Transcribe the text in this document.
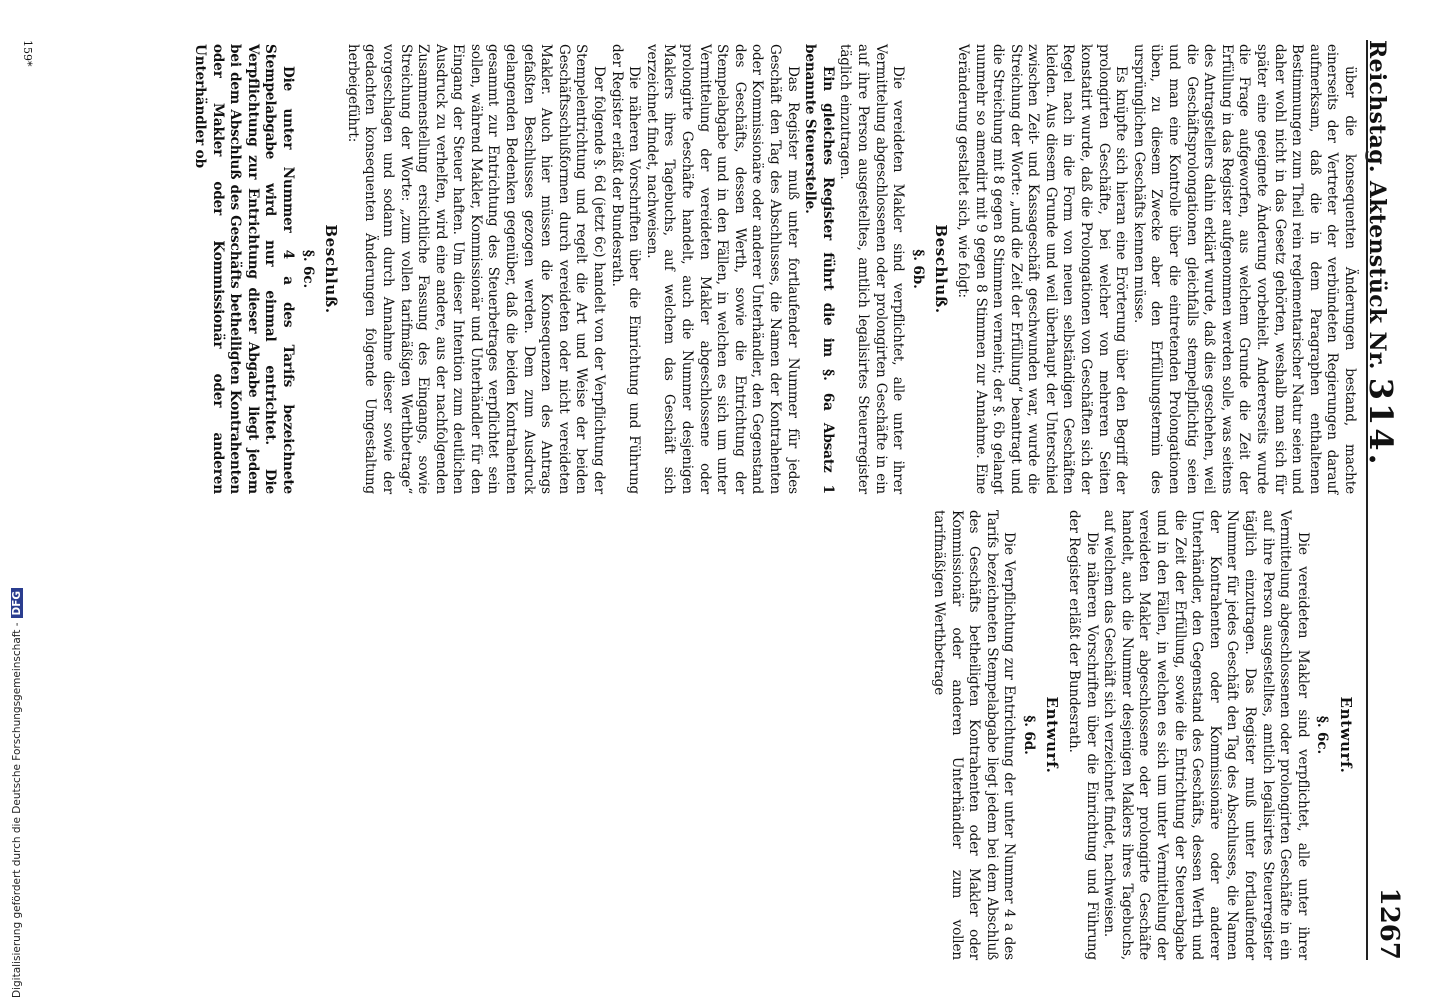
Reichstag. Aktenstück Nr.314.
1267

über die konsequenten Änderungen bestand, machte einerseits der Vertreter der verbündeten Regierungen darauf aufmerksam, daß die in dem Paragraphen enthaltenen Bestimmungen zum Theil rein reglementarischer Natur seien und daher wohl nicht in das Gesetz gehörten, weshalb man sich für später eine geeignete Änderung vorbehielt. Andererseits wurde die Frage aufgeworfen, aus welchem Grunde die Zeit der Erfüllung in das Register aufgenommen werden solle, was seitens des Antragstellers dahin erklärt wurde, daß dies geschehen, weil die Geschäftsprolongationen gleichfalls stempelpflichtig seien und man eine Kontrolle über die eintretenden Prolongationen üben, zu diesem Zwecke aber den Erfüllungstermin des ursprünglichen Geschäfts kennen müsse.

Es knüpfte sich hieran eine Erörterung über den Begriff der prolongirten Geschäfte, bei welcher von mehreren Seiten konstatirt wurde, daß die Prolongationen von Geschäften sich der Regel nach in die Form von neuen selbständigen Geschäften kleiden. Aus diesem Grunde und weil überhaupt der Unterschied zwischen Zeit- und Kassageschäft geschwunden war, wurde die Streichung der Worte: „und die Zeit der Erfüllung“ beantragt und die Streichung mit 8 gegen 8 Stimmen verneint; der §. 6b gelangt nunmehr so amendirt mit 9 gegen 8 Stimmen zur Annahme. Eine Veränderung gestaltet sich, wie folgt:

Beschluß.
§. 6b.

Die vereideten Makler sind verpflichtet, alle unter ihrer Vermittelung abgeschlossenen oder prolongirten Geschäfte in ein auf ihre Person ausgestelltes, amtlich legalisirtes Steuerregister täglich einzutragen.

Ein gleiches Register führt die im §. 6a Absatz 1 benannte Steuerstelle.

Das Register muß unter fortlaufender Nummer für jedes Geschäft den Tag des Abschlusses, die Namen der Kontrahenten oder Kommissionäre oder anderer Unterhändler, den Gegenstand des Geschäfts, dessen Werth, sowie die Entrichtung der Stempelabgabe und in den Fällen, in welchen es sich um unter Vermittelung der vereideten Makler abgeschlossene oder prolongirte Geschäfte handelt, auch die Nummer desjenigen Maklers ihres Tagebuchs, auf welchem das Geschäft sich verzeichnet findet, nachweisen.

Die näheren Vorschriften über die Einrichtung und Führung der Register erläßt der Bundesrath.

Der folgende §. 6d (jetzt 6c) handelt von der Verpflichtung der Stempelentrichtung und regelt die Art und Weise der beiden Geschäftsschlußformen durch vereideten oder nicht vereideten Makler. Auch hier müssen die Konsequenzen des Antrags gefaßten Beschlusses gezogen werden. Dem zum Ausdruck gelangenden Bedenken gegenüber, daß die beiden Kontrahenten gesammt zur Entrichtung des Steuerbetrages verpflichtet sein sollen, während Makler, Kommissionär und Unterhändler für den Eingang der Steuer haften. Um dieser Intention zum deutlichen Ausdruck zu verhelfen, wird eine andere, aus der nachfolgenden Zusammenstellung ersichtliche Fassung des Eingangs, sowie Streichung der Worte: „zum vollen tarifmäßigen Werthbetrage“ vorgeschlagen und sodann durch Annahme dieser sowie der gedachten konsequenten Änderungen folgende Umgestaltung herbeigeführt:

Beschluß.
§. 6c.

Die unter Nummer 4 a des Tarifs bezeichnete Stempelabgabe wird nur einmal entrichtet. Die Verpflichtung zur Entrichtung dieser Abgabe liegt jedem bei dem Abschluß des Geschäfts betheiligten Kontrahenten oder Makler oder Kommissionär oder anderen Unterhändler ob

Entwurf.
§. 6c.

Die vereideten Makler sind verpflichtet, alle unter ihrer Vermittelung abgeschlossenen oder prolongirten Geschäfte in ein auf ihre Person ausgestelltes, amtlich legalisirtes Steuerregister täglich einzutragen. Das Register muß unter fortlaufender Nummer für jedes Geschäft den Tag des Abschlusses, die Namen der Kontrahenten oder Kommissionäre oder anderer Unterhändler, den Gegenstand des Geschäfts, dessen Werth und die Zeit der Erfüllung, sowie die Entrichtung der Steuerabgabe und in den Fällen, in welchen es sich um unter Vermittelung der vereideten Makler abgeschlossene oder prolongirte Geschäfte handelt, auch die Nummer desjenigen Maklers ihres Tagebuchs, auf welchem das Geschäft sich verzeichnet findet, nachweisen.

Die näheren Vorschriften über die Einrichtung und Führung der Register erläßt der Bundesrath.

Entwurf.
§. 6d.

Die Verpflichtung zur Entrichtung der unter Nummer 4 a des Tarifs bezeichneten Stempelabgabe liegt jedem bei dem Abschluß des Geschäfts betheiligten Kontrahenten oder Makler oder Kommissionär oder anderen Unterhändler zum vollen tarifmäßigen Werthbetrage

159*
Digitalisierung gefördert durch die Deutsche Forschungsgemeinschaft -DFG
